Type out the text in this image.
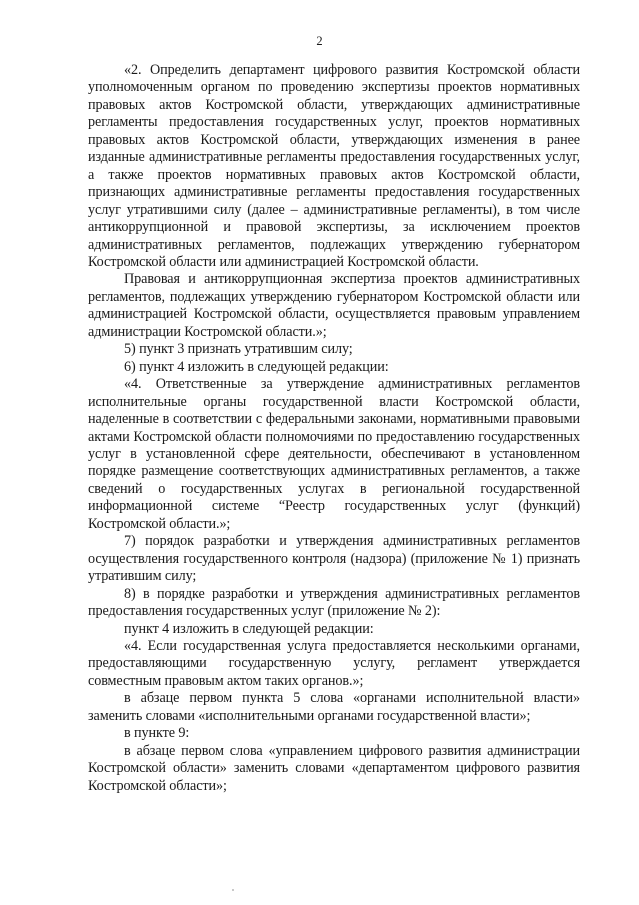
2

«2. Определить департамент цифрового развития Костромской области уполномоченным органом по проведению экспертизы проектов нормативных правовых актов Костромской области, утверждающих административные регламенты предоставления государственных услуг, проектов нормативных правовых актов Костромской области, утверждающих изменения в ранее изданные административные регламенты предоставления государственных услуг, а также проектов нормативных правовых актов Костромской области, признающих административные регламенты предоставления государственных услуг утратившими силу (далее – административные регламенты), в том числе антикоррупционной и правовой экспертизы, за исключением проектов административных регламентов, подлежащих утверждению губернатором Костромской области или администрацией Костромской области.

Правовая и антикоррупционная экспертиза проектов административных регламентов, подлежащих утверждению губернатором Костромской области или администрацией Костромской области, осуществляется правовым управлением администрации Костромской области.»;

5) пункт 3 признать утратившим силу;

6) пункт 4 изложить в следующей редакции:

«4. Ответственные за утверждение административных регламентов исполнительные органы государственной власти Костромской области, наделенные в соответствии с федеральными законами, нормативными правовыми актами Костромской области полномочиями по предоставлению государственных услуг в установленной сфере деятельности, обеспечивают в установленном порядке размещение соответствующих административных регламентов, а также сведений о государственных услугах в региональной государственной информационной системе “Реестр государственных услуг (функций) Костромской области.»;

7) порядок разработки и утверждения административных регламентов осуществления государственного контроля (надзора) (приложение № 1) признать утратившим силу;

8) в порядке разработки и утверждения административных регламентов предоставления государственных услуг (приложение № 2):

пункт 4 изложить в следующей редакции:

«4. Если государственная услуга предоставляется несколькими органами, предоставляющими государственную услугу, регламент утверждается совместным правовым актом таких органов.»;

в абзаце первом пункта 5 слова «органами исполнительной власти» заменить словами «исполнительными органами государственной власти»;

в пункте 9:

в абзаце первом слова «управлением цифрового развития администрации Костромской области» заменить словами «департаментом цифрового развития Костромской области»;
